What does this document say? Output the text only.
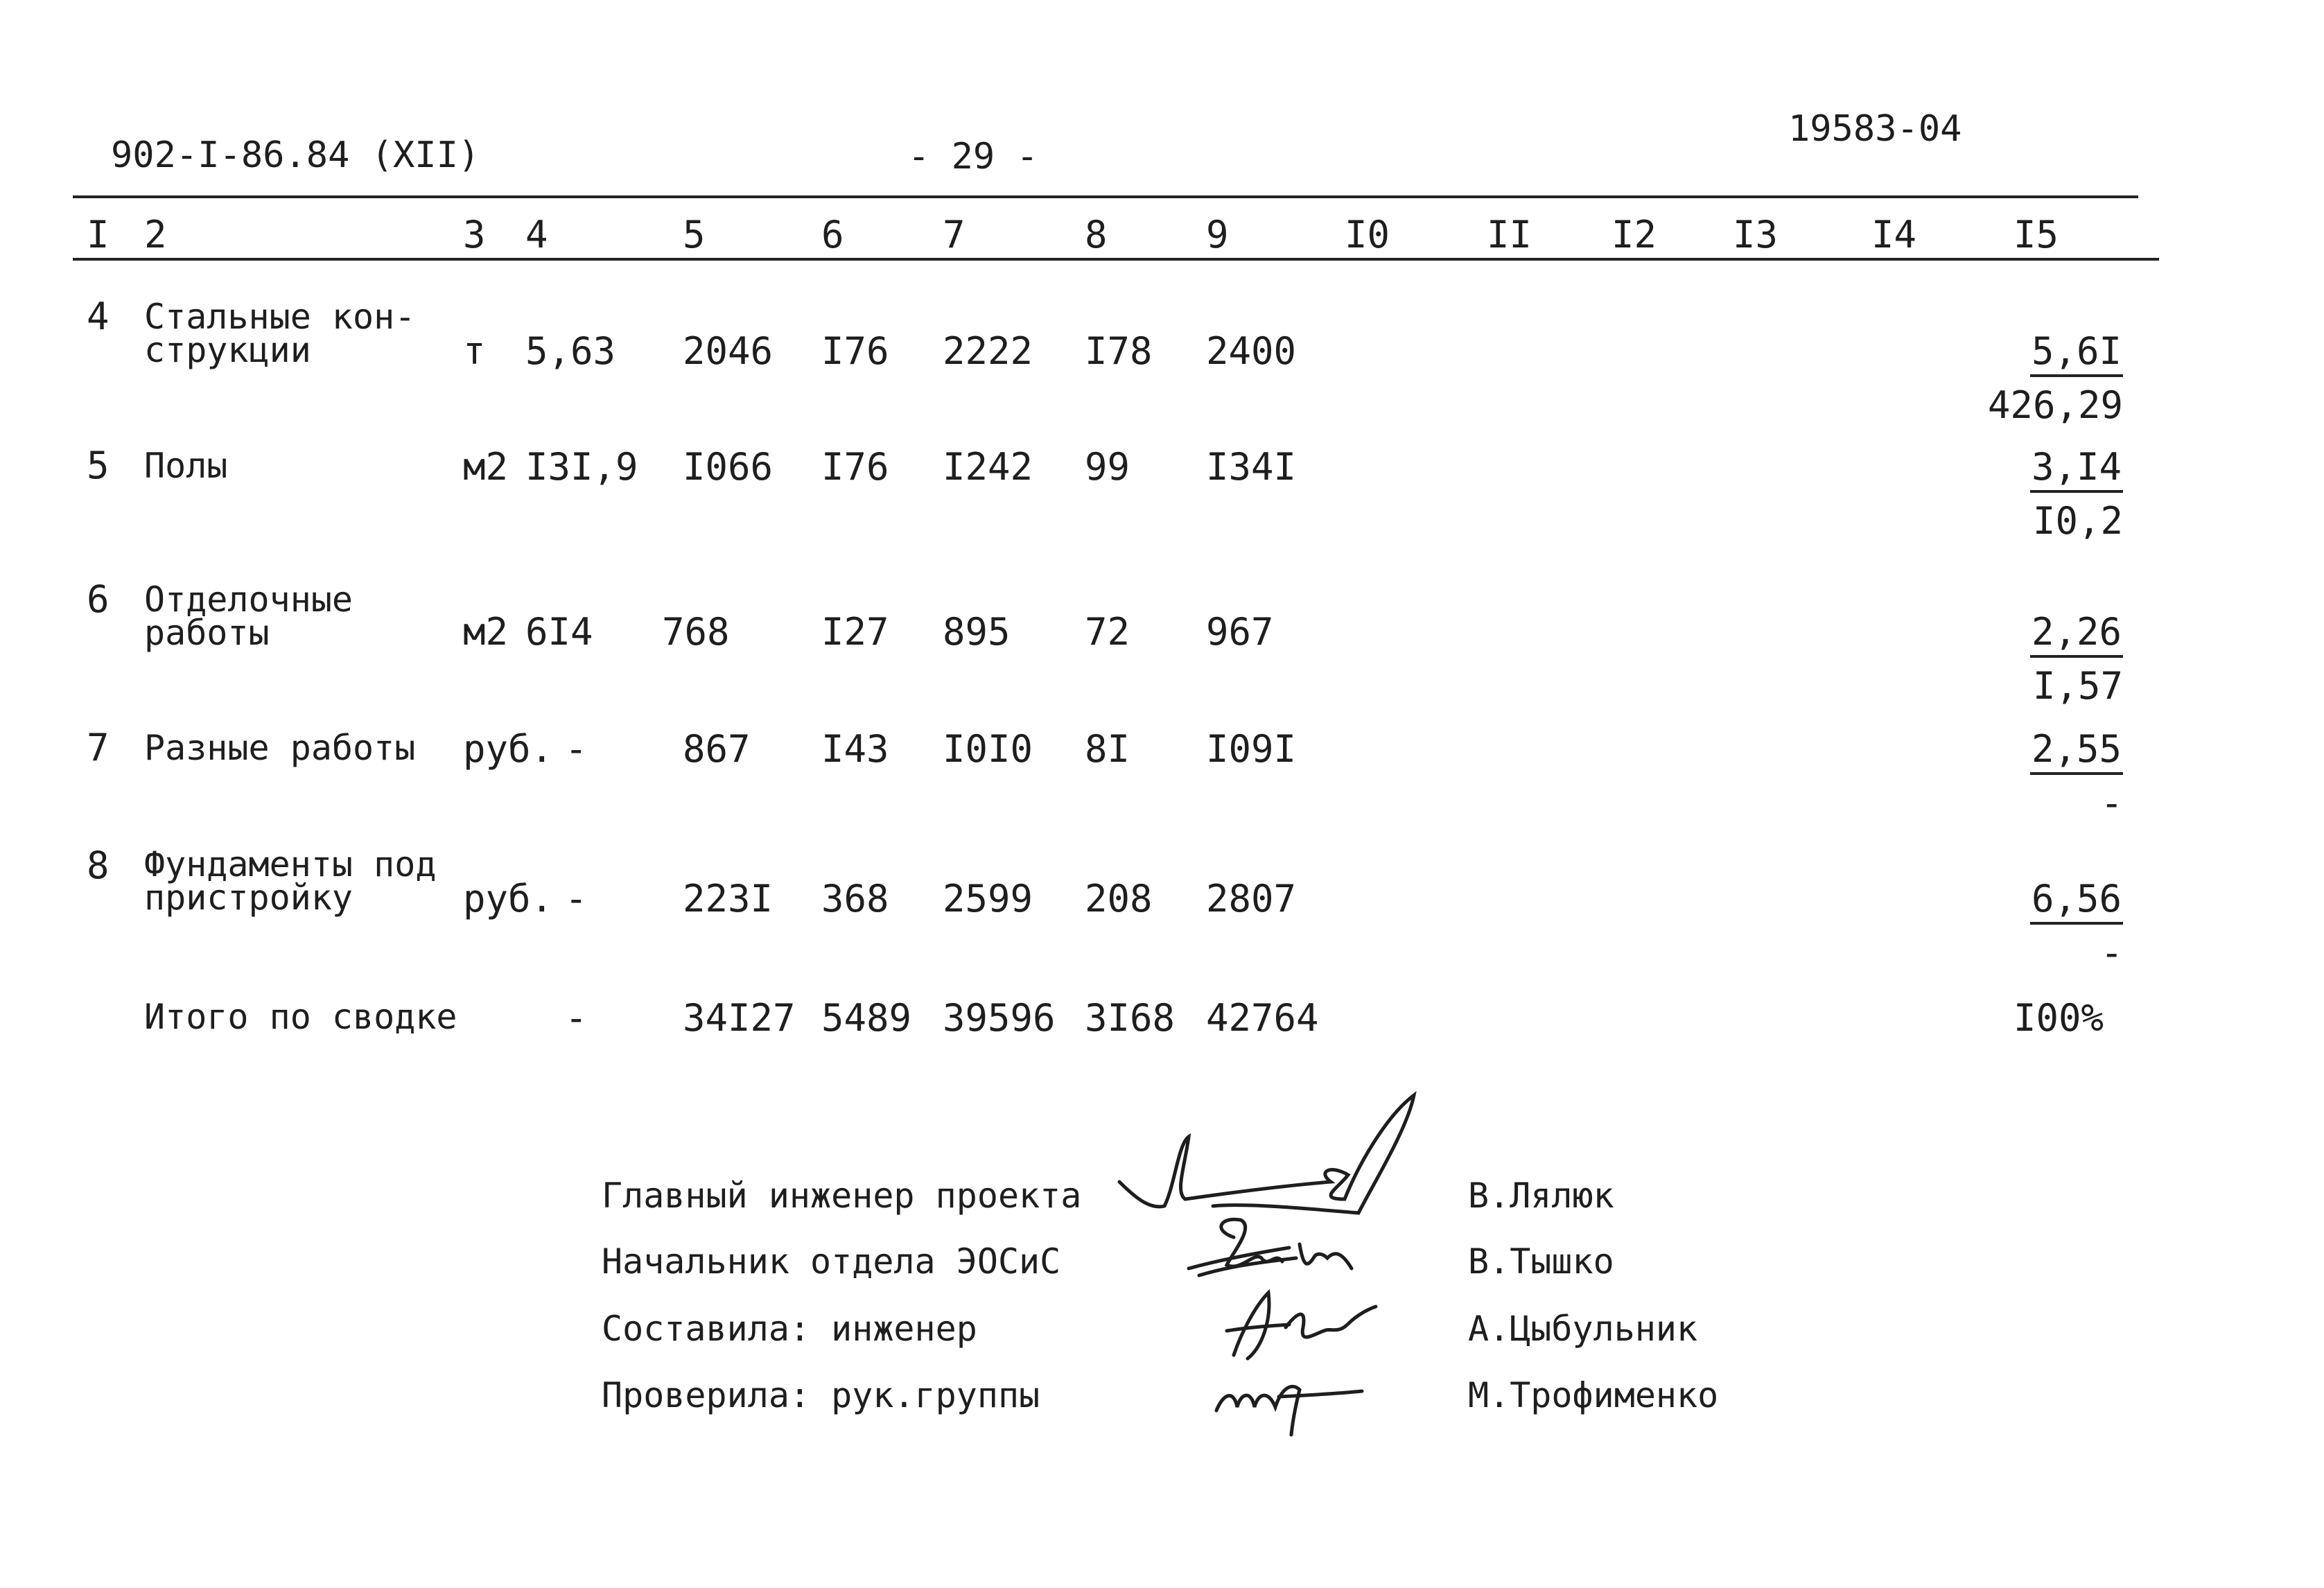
902-I-86.84 (XII)	- 29 -
19583-04
I 2	3 4	5	6	7	8	9	I0	II I2 I3 I4	I5
4 Стальные кон-
струкции	т 5,63 2046 I76 2222 I78 2400	$\frac{5,6I}{426,29}$
5 Полы	м2 I3I,9 I066 I76 I242 99 I34I	$\frac{3,I4}{I0,2}$
6 Отделочные
работы	м2 6I4 768 I27 895 72 967	$\frac{2,26}{I,57}$
7 Разные работы руб. -	867 I43 I0I0 8I I09I	2,55
-
8 Фундаменты под
пристройку	руб. -	223I 368 2599 208 2807	6,56
-
Итого по сводке	-	34I27 5489 39596 3I68 42764	I00%
Главный инженер проекта	В.Лялюк
Начальник отдела ЭОСиС	В.Тышко
Составила: инженер	А.Цыбульник
Проверила: рук.группы	М.Трофименко
